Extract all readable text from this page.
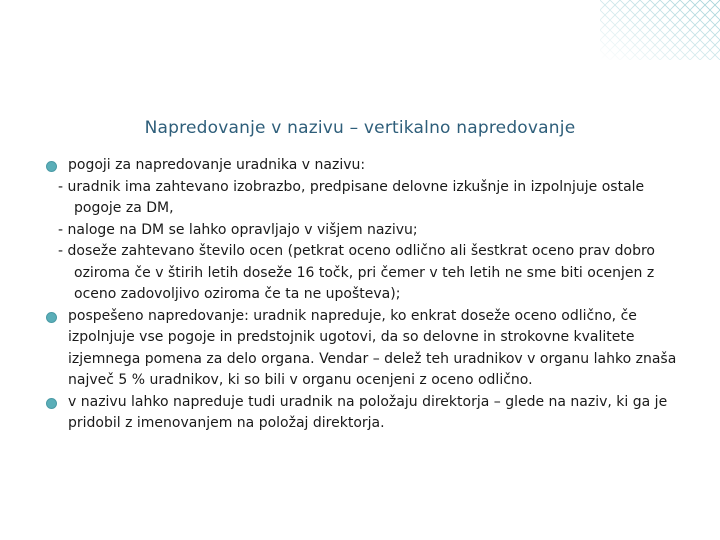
Napredovanje v nazivu – vertikalno napredovanje
pogoji za napredovanje uradnika v nazivu:

- uradnik ima zahtevano izobrazbo, predpisane delovne izkušnje in izpolnjuje ostale pogoje za DM,

- naloge na DM se lahko opravljajo v višjem nazivu;

- doseže zahtevano število ocen (petkrat oceno odlično ali šestkrat oceno prav dobro oziroma če v štirih letih doseže 16 točk, pri čemer v teh letih ne sme biti ocenjen z oceno zadovoljivo oziroma če ta ne upošteva);

pospešeno napredovanje: uradnik napreduje, ko enkrat doseže oceno odlično, če izpolnjuje vse pogoje in predstojnik ugotovi, da so delovne in strokovne kvalitete izjemnega pomena za delo organa. Vendar – delež teh uradnikov v organu lahko znaša največ 5 % uradnikov, ki so bili v organu ocenjeni z oceno odlično.
v nazivu lahko napreduje tudi uradnik na položaju direktorja – glede na naziv, ki ga je pridobil z imenovanjem na položaj direktorja.
